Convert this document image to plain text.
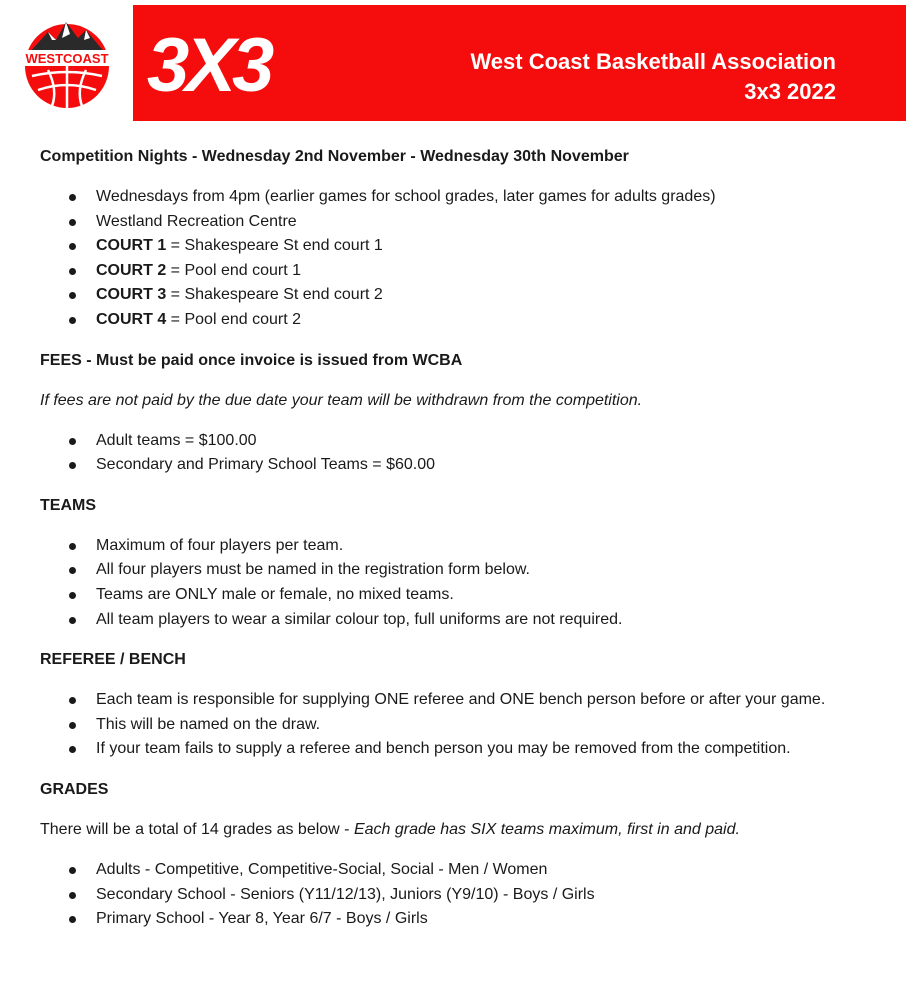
WESTCOAST 3X3	West Coast Basketball Association
3x3 2022

Competition Nights - Wednesday 2nd November - Wednesday 30th November

Wednesdays from 4pm (earlier games for school grades, later games for adults grades)
Westland Recreation Centre
COURT 1 = Shakespeare St end court 1
COURT 2 = Pool end court 1
COURT 3 = Shakespeare St end court 2
COURT 4 = Pool end court 2

FEES - Must be paid once invoice is issued from WCBA

If fees are not paid by the due date your team will be withdrawn from the competition.

Adult teams = $100.00
Secondary and Primary School Teams = $60.00

TEAMS

Maximum of four players per team.
All four players must be named in the registration form below.
Teams are ONLY male or female, no mixed teams.
All team players to wear a similar colour top, full uniforms are not required.

REFEREE / BENCH

Each team is responsible for supplying ONE referee and ONE bench person before or after your game.
This will be named on the draw.
If your team fails to supply a referee and bench person you may be removed from the competition.

GRADES

There will be a total of 14 grades as below - Each grade has SIX teams maximum, first in and paid.

Adults - Competitive, Competitive-Social, Social - Men / Women
Secondary School - Seniors (Y11/12/13), Juniors (Y9/10) - Boys / Girls
Primary School - Year 8, Year 6/7 - Boys / Girls
